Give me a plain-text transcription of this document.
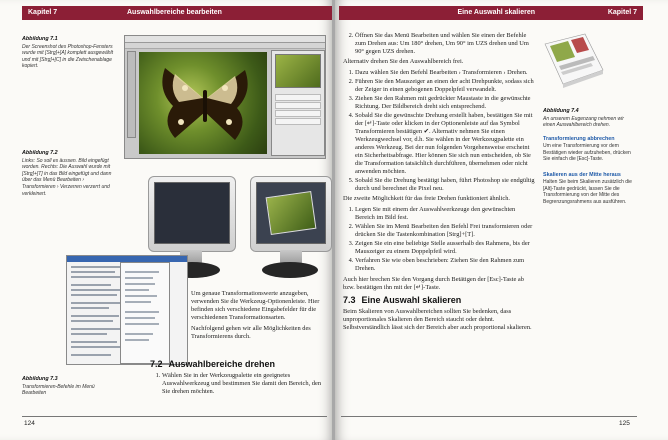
Kapitel 7	Auswahlbereiche bearbeiten
Abbildung 7.1
Der Screenshot des Photoshop-Fensters wurde mit [Strg]+[A] komplett ausgewählt und mit [Strg]+[C] in die Zwischenablage kopiert.
Abbildung 7.2
Links: So soll es äussen. Bild eingefügt worden. Rechts: Die Auswahl wurde mit [Strg]+[T] in das Bild eingefügt und dann über das Menü Bearbeiten › Transformieren › Verzerren verzerrt und verkleinert.
Abbildung 7.3
Transformieren-Befehle im Menü Bearbeiten

Um genaue Transformationswerte anzugeben, verwenden Sie die Werkzeug-Optionenleiste. Hier befinden sich verschiedene Eingabefelder für die verschiedenen Transformationsarten.

Nachfolgend gehen wir alle Möglichkeiten des Transformierens durch.

7.2 Auswahlbereiche drehen
1. Wählen Sie in der Werkzeugpalette ein geeignetes Auswahlwerkzeug und bestimmen Sie damit den Bereich, den Sie drehen möchten.
124
Eine Auswahl skalieren	Kapitel 7
2. Öffnen Sie das Menü Bearbeiten und wählen Sie einen der Befehle zum Drehen aus: Um 180° drehen, Um 90° im UZS drehen und Um 90° gegen UZS drehen.

Alternativ drehen Sie den Auswahlbereich frei.

1. Dazu wählen Sie den Befehl Bearbeiten › Transformieren › Drehen.
2. Führen Sie den Mauszeiger an einen der acht Drehpunkte, sodass sich der Zeiger in einen gebogenen Doppelpfeil verwandelt.
3. Ziehen Sie den Rahmen mit gedrückter Maustaste in die gewünschte Richtung. Der Bildbereich dreht sich entsprechend.
4. Sobald Sie die gewünschte Drehung erstellt haben, bestätigen Sie mit der [↵]-Taste oder klicken in der Optionenleiste auf das Symbol Transformieren bestätigen ✔. Alternativ nehmen Sie einen Werkzeugwechsel vor, d.h. Sie wählen in der Werkzeugpalette ein anderes Werkzeug. Bei der nun folgenden Vorgehensweise erscheint ein Sicherheitsabfrage. Hier können Sie sich nun entscheiden, ob Sie die Transformation tatsächlich durchführen, übernehmen oder nicht anwenden möchten.
5. Sobald Sie die Drehung bestätigt haben, führt Photoshop sie endgültig durch und berechnet die Pixel neu.

Die zweite Möglichkeit für das freie Drehen funktioniert ähnlich.

1. Legen Sie mit einem der Auswahlwerkzeuge den gewünschten Bereich im Bild fest.
2. Wählen Sie im Menü Bearbeiten den Befehl Frei transformieren oder drücken Sie die Tastenkombination [Strg]+[T].
3. Zeigen Sie ein eine beliebige Stelle ausserhalb des Rahmens, bis der Mauszeiger zu einem Doppelpfeil wird.
4. Verfahren Sie wie oben beschrieben: Ziehen Sie den Rahmen zum Drehen.

Auch hier brechen Sie den Vorgang durch Betätigen der [Esc]-Taste ab bzw. bestätigen ihn mit der [↵]-Taste.

7.3 Eine Auswahl skalieren

Beim Skalieren von Auswahlbereichen sollten Sie bedenken, dass unproportionales Skalieren den Bereich staucht oder dehnt. Selbstverständlich lässt sich der Bereich aber auch proportional skalieren.

Abbildung 7.4
An unserem Eugenzang nehmen wir einen Auswahlbereich drehen.
Transformierung abbrechen
Um eine Transformierung vor dem Bestätigen wieder aufzuheben, drücken Sie einfach die [Esc]-Taste.
Skalieren aus der Mitte heraus
Halten Sie beim Skalieren zusätzlich die [Alt]-Taste gedrückt, lassen Sie die Transformierung von der Mitte des Begrenzungsrahmens aus ausführen.
125
